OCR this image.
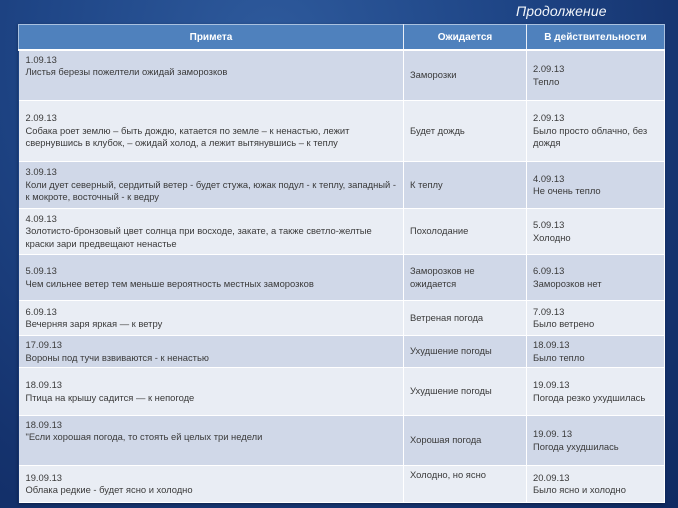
Продолжение
Примета	Ожидается	В действительности

1.09.13
Листья березы пожелтели ожидай заморозков	Заморозки	2.09.13
Тепло

2.09.13
Собака роет землю – быть дождю, катается по земле – к ненастью, лежит свернувшись в клубок, – ожидай холод, а лежит вытянувшись – к теплу	Будет дождь	2.09.13
Было просто облачно, без дождя

3.09.13
Коли дует северный, сердитый ветер - будет стужа, южак подул - к теплу, западный - к мокроте, восточный - к ведру	К теплу	4.09.13
Не очень тепло

4.09.13
Золотисто-бронзовый цвет солнца при восходе, закате, а также светло-желтые краски зари предвещают ненастье	Похолодание	5.09.13
Холодно

5.09.13
Чем сильнее ветер тем меньше вероятность местных заморозков	Заморозков не ожидается	6.09.13
Заморозков нет

6.09.13
Вечерняя заря яркая — к ветру	Ветреная погода	7.09.13
Было ветрено

17.09.13
Вороны под тучи взвиваются - к ненастью	Ухудшение погоды	18.09.13
Было тепло

18.09.13
Птица на крышу садится — к непогоде	Ухудшение погоды	19.09.13
Погода резко ухудшилась

18.09.13
"Если хорошая погода, то стоять ей целых три недели	Хорошая погода	19.09. 13
Погода ухудшилась

19.09.13
Облака редкие - будет ясно и холодно	Холодно, но ясно	20.09.13
Было ясно и холодно
